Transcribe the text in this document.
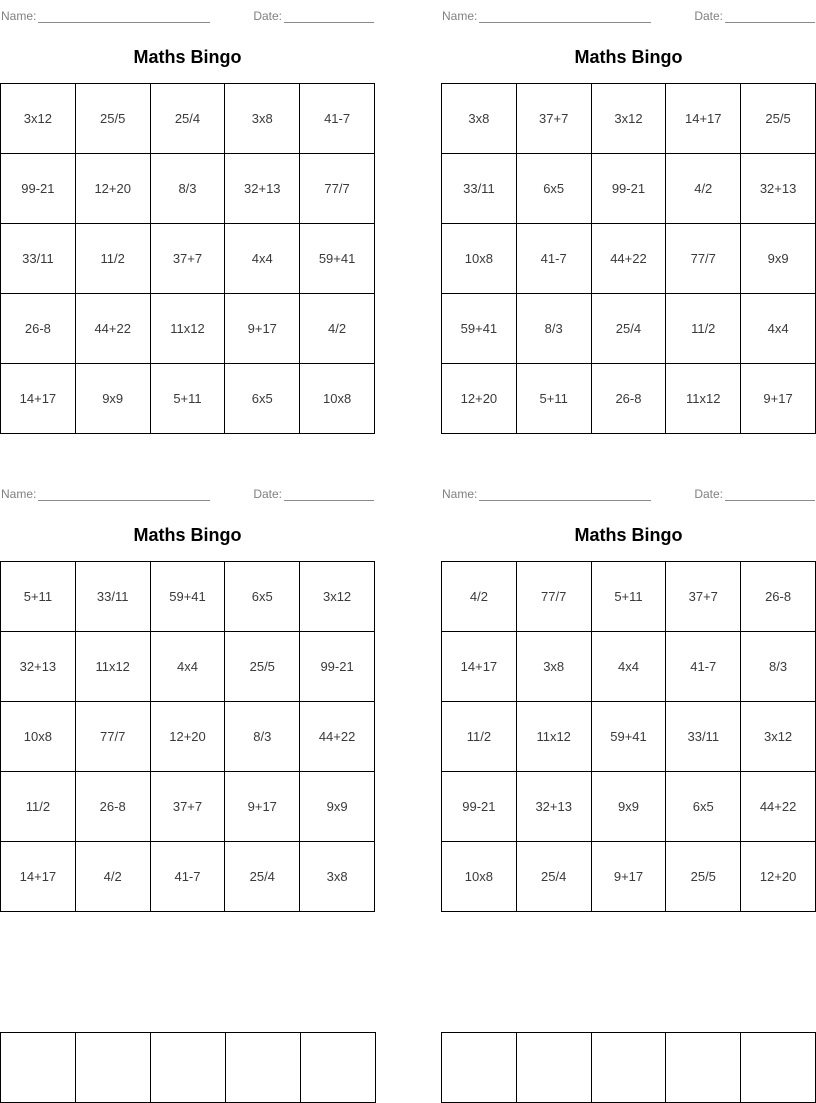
Name:	Date:
Maths Bingo
3x12	25/5	25/4	3x8	41-7
99-21	12+20	8/3	32+13	77/7
33/11	11/2	37+7	4x4	59+41
26-8	44+22	11x12	9+17	4/2
14+17	9x9	5+11	6x5	10x8
Name:	Date:
Maths Bingo
3x8	37+7	3x12	14+17	25/5
33/11	6x5	99-21	4/2	32+13
10x8	41-7	44+22	77/7	9x9
59+41	8/3	25/4	11/2	4x4
12+20	5+11	26-8	11x12	9+17
Name:	Date:
Maths Bingo
5+11	33/11	59+41	6x5	3x12
32+13	11x12	4x4	25/5	99-21
10x8	77/7	12+20	8/3	44+22
11/2	26-8	37+7	9+17	9x9
14+17	4/2	41-7	25/4	3x8
Name:	Date:
Maths Bingo
4/2	77/7	5+11	37+7	26-8
14+17	3x8	4x4	41-7	8/3
11/2	11x12	59+41	33/11	3x12
99-21	32+13	9x9	6x5	44+22
10x8	25/4	9+17	25/5	12+20
